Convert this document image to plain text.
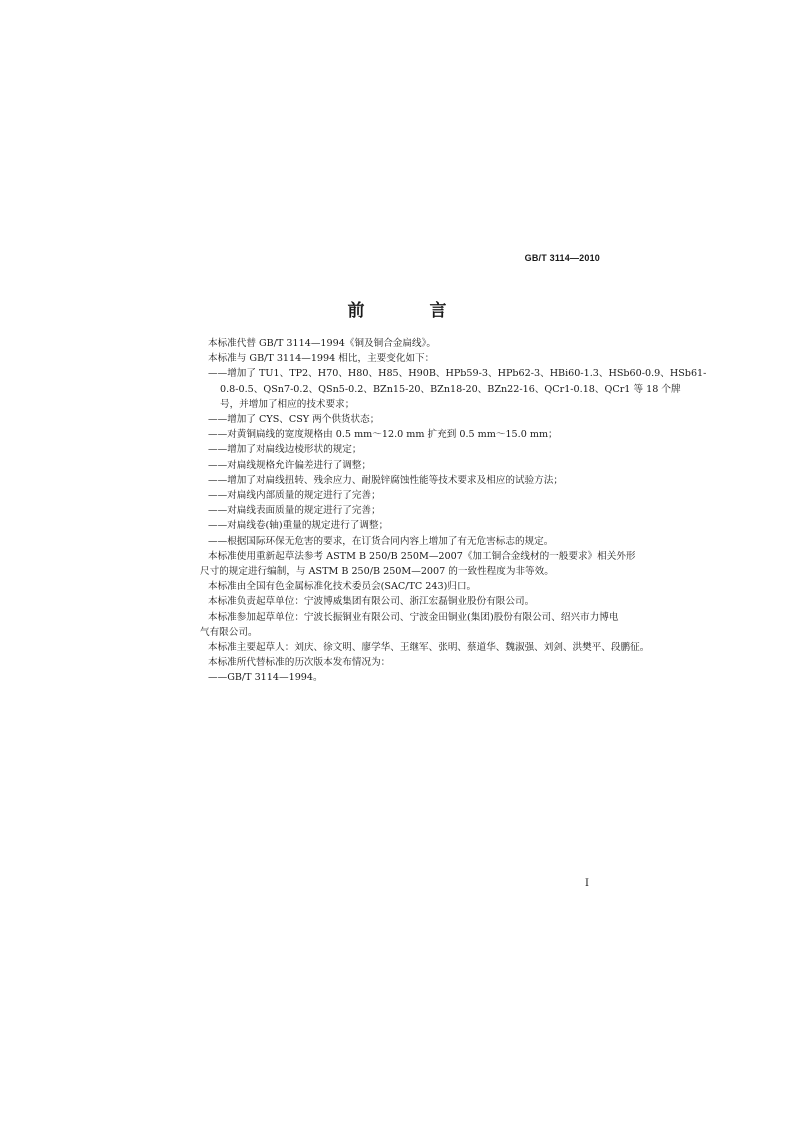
GB/T 3114—2010
前　言

本标准代替 GB/T 3114—1994《铜及铜合金扁线》。

本标准与 GB/T 3114—1994 相比，主要变化如下：

——增加了 TU1、TP2、H70、H80、H85、H90B、HPb59-3、HPb62-3、HBi60-1.3、HSb60-0.9、HSb61-

0.8-0.5、QSn7-0.2、QSn5-0.2、BZn15-20、BZn18-20、BZn22-16、QCr1-0.18、QCr1 等 18 个牌

号，并增加了相应的技术要求；

——增加了 CYS、CSY 两个供货状态；

——对黄铜扁线的宽度规格由 0.5 mm～12.0 mm 扩充到 0.5 mm～15.0 mm；

——增加了对扁线边棱形状的规定；

——对扁线规格允许偏差进行了调整；

——增加了对扁线扭转、残余应力、耐脱锌腐蚀性能等技术要求及相应的试验方法；

——对扁线内部质量的规定进行了完善；

——对扁线表面质量的规定进行了完善；

——对扁线卷(轴)重量的规定进行了调整；

——根据国际环保无危害的要求，在订货合同内容上增加了有无危害标志的规定。

本标准使用重新起草法参考 ASTM B 250/B 250M—2007《加工铜合金线材的一般要求》相关外形

尺寸的规定进行编制，与 ASTM B 250/B 250M—2007 的一致性程度为非等效。

本标准由全国有色金属标准化技术委员会(SAC/TC 243)归口。

本标准负责起草单位：宁波博威集团有限公司、浙江宏磊铜业股份有限公司。

本标准参加起草单位：宁波长振铜业有限公司、宁波金田铜业(集团)股份有限公司、绍兴市力博电

气有限公司。

本标准主要起草人：刘庆、徐文明、廖学华、王继军、张明、蔡道华、魏淑强、刘剑、洪樊平、段鹏征。

本标准所代替标准的历次版本发布情况为：

——GB/T 3114—1994。

I
